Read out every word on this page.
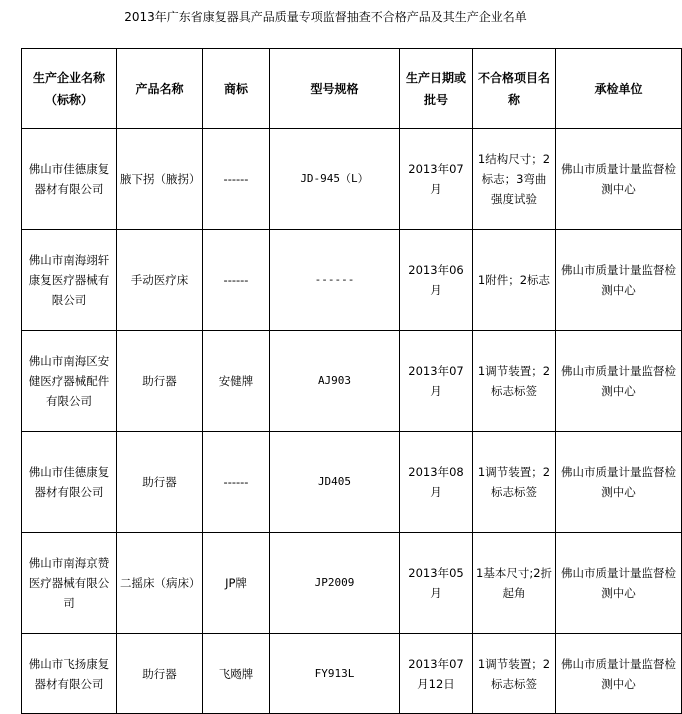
2013年广东省康复器具产品质量专项监督抽查不合格产品及其生产企业名单
生产企业名称（标称）	产品名称	商标	型号规格	生产日期或批号	不合格项目名称	承检单位
佛山市佳德康复器材有限公司	腋下拐（腋拐）	------	JD-945（L）	2013年07月	1结构尺寸；2标志；3弯曲强度试验	佛山市质量计量监督检测中心
佛山市南海翊轩康复医疗器械有限公司	手动医疗床	------	------	2013年06月	1附件；2标志	佛山市质量计量监督检测中心
佛山市南海区安健医疗器械配件有限公司	助行器	安健牌	AJ903	2013年07月	1调节装置；2标志标签	佛山市质量计量监督检测中心
佛山市佳德康复器材有限公司	助行器	------	JD405	2013年08月	1调节装置；2标志标签	佛山市质量计量监督检测中心
佛山市南海京赞医疗器械有限公司	二摇床（病床）	JP牌	JP2009	2013年05月	1基本尺寸;2折起角	佛山市质量计量监督检测中心
佛山市飞扬康复器材有限公司	助行器	飞飏牌	FY913L	2013年07月12日	1调节装置；2标志标签	佛山市质量计量监督检测中心
